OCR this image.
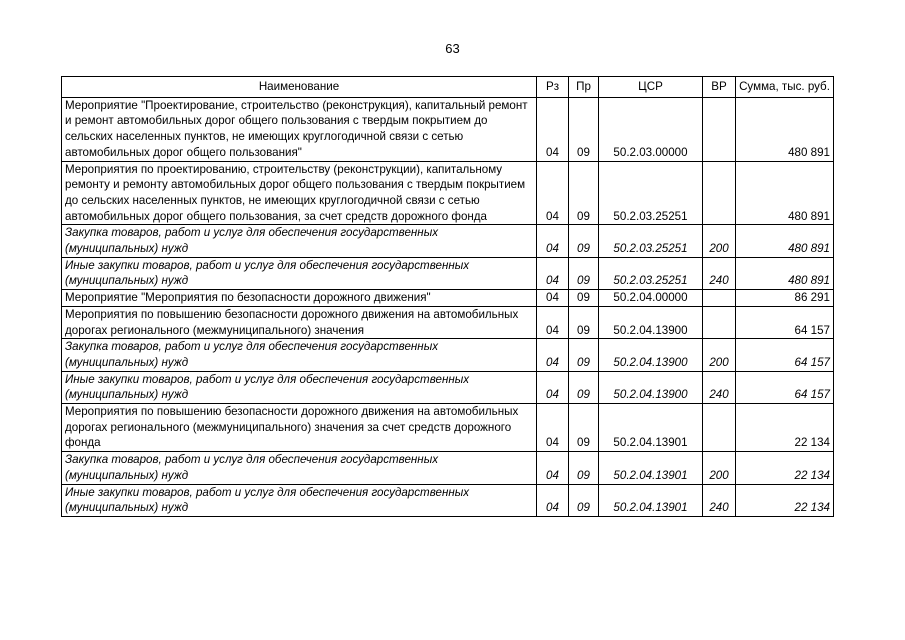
63
Наименование	Рз	Пр	ЦСР	ВР	Сумма, тыс. руб.
Мероприятие "Проектирование, строительство (реконструкция), капитальный ремонт и ремонт автомобильных дорог общего пользования с твердым покрытием до сельских населенных пунктов, не имеющих круглогодичной связи с сетью автомобильных дорог общего пользования"	04	09	50.2.03.00000		480 891
Мероприятия по проектированию, строительству (реконструкции), капитальному ремонту и ремонту автомобильных дорог общего пользования с твердым покрытием до сельских населенных пунктов, не имеющих круглогодичной связи с сетью автомобильных дорог общего пользования, за счет средств дорожного фонда	04	09	50.2.03.25251		480 891
Закупка товаров, работ и услуг для обеспечения государственных (муниципальных) нужд	04	09	50.2.03.25251	200	480 891
Иные закупки товаров, работ и услуг для обеспечения государственных (муниципальных) нужд	04	09	50.2.03.25251	240	480 891
Мероприятие "Мероприятия по безопасности дорожного движения"	04	09	50.2.04.00000		86 291
Мероприятия по повышению безопасности дорожного движения на автомобильных дорогах регионального (межмуниципального) значения	04	09	50.2.04.13900		64 157
Закупка товаров, работ и услуг для обеспечения государственных (муниципальных) нужд	04	09	50.2.04.13900	200	64 157
Иные закупки товаров, работ и услуг для обеспечения государственных (муниципальных) нужд	04	09	50.2.04.13900	240	64 157
Мероприятия по повышению безопасности дорожного движения на автомобильных дорогах регионального (межмуниципального) значения за счет средств дорожного фонда	04	09	50.2.04.13901		22 134
Закупка товаров, работ и услуг для обеспечения государственных (муниципальных) нужд	04	09	50.2.04.13901	200	22 134
Иные закупки товаров, работ и услуг для обеспечения государственных (муниципальных) нужд	04	09	50.2.04.13901	240	22 134
